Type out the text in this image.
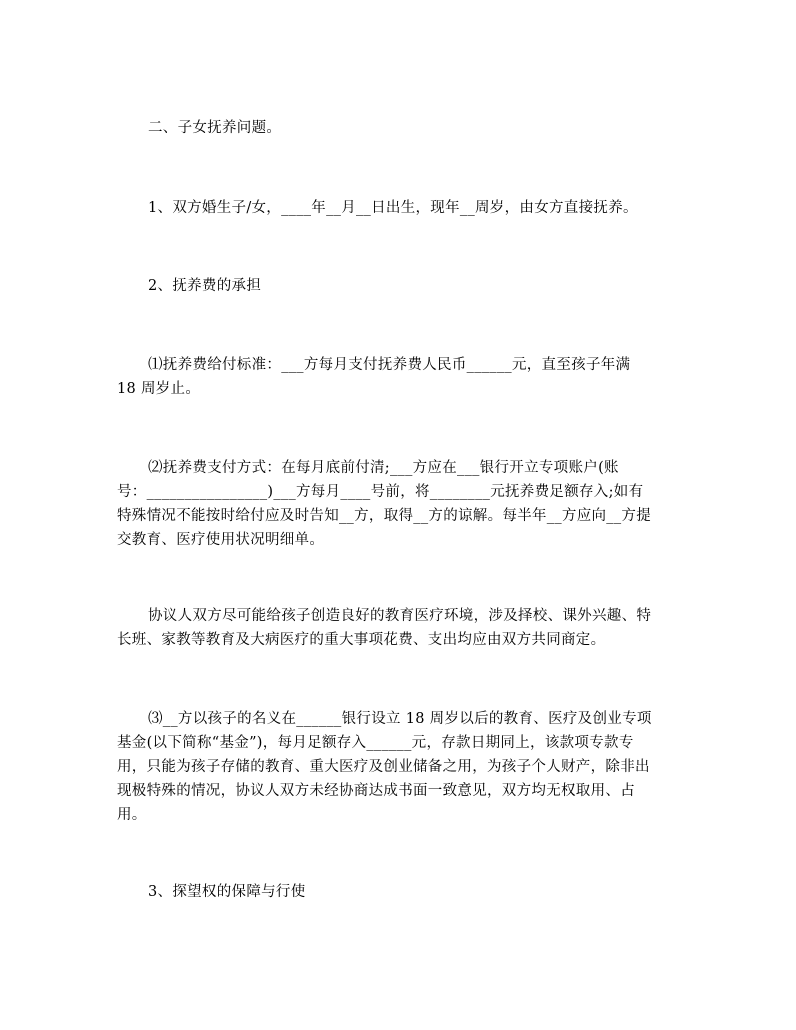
二、子女抚养问题。
1、双方婚生子/女，____年__月__日出生，现年__周岁，由女方直接抚养。
2、抚养费的承担
⑴抚养费给付标准：___方每月支付抚养费人民币______元，直至孩子年满
18 周岁止。
⑵抚养费支付方式：在每月底前付清;___方应在___银行开立专项账户(账
号：________________)___方每月____号前，将________元抚养费足额存入;如有
特殊情况不能按时给付应及时告知__方，取得__方的谅解。每半年__方应向__方提
交教育、医疗使用状况明细单。
协议人双方尽可能给孩子创造良好的教育医疗环境，涉及择校、课外兴趣、特
长班、家教等教育及大病医疗的重大事项花费、支出均应由双方共同商定。
⑶__方以孩子的名义在______银行设立 18 周岁以后的教育、医疗及创业专项
基金(以下简称“基金”)，每月足额存入______元，存款日期同上，该款项专款专
用，只能为孩子存储的教育、重大医疗及创业储备之用，为孩子个人财产，除非出
现极特殊的情况，协议人双方未经协商达成书面一致意见，双方均无权取用、占
用。
3、探望权的保障与行使
